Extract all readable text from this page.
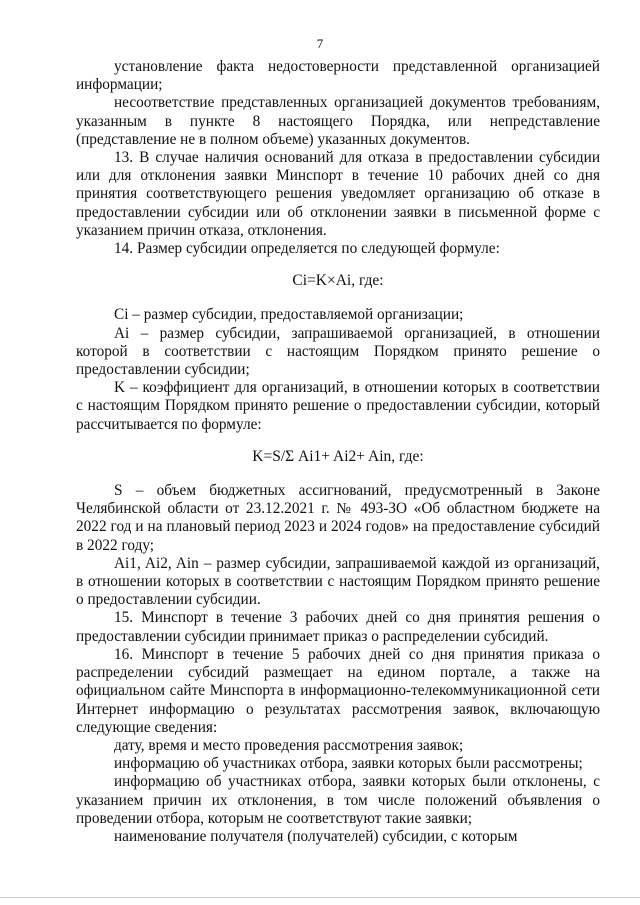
7

установление факта недостоверности представленной организацией информации;

несоответствие представленных организацией документов требованиям, указанным в пункте 8 настоящего Порядка, или непредставление (представление не в полном объеме) указанных документов.

13. В случае наличия оснований для отказа в предоставлении субсидии или для отклонения заявки Минспорт в течение 10 рабочих дней со дня принятия соответствующего решения уведомляет организацию об отказе в предоставлении субсидии или об отклонении заявки в письменной форме с указанием причин отказа, отклонения.

14. Размер субсидии определяется по следующей формуле:

Ci=K×Ai, где:

Ci – размер субсидии, предоставляемой организации;

Ai – размер субсидии, запрашиваемой организацией, в отношении которой в соответствии с настоящим Порядком принято решение о предоставлении субсидии;

K – коэффициент для организаций, в отношении которых в соответствии с настоящим Порядком принято решение о предоставлении субсидии, который рассчитывается по формуле:

K=S/Σ Ai1+ Ai2+ Ain, где:

S – объем бюджетных ассигнований, предусмотренный в Законе Челябинской области от 23.12.2021 г. № 493-ЗО «Об областном бюджете на 2022 год и на плановый период 2023 и 2024 годов» на предоставление субсидий в 2022 году;

Ai1, Ai2, Ain – размер субсидии, запрашиваемой каждой из организаций, в отношении которых в соответствии с настоящим Порядком принято решение о предоставлении субсидии.

15. Минспорт в течение 3 рабочих дней со дня принятия решения о предоставлении субсидии принимает приказ о распределении субсидий.

16. Минспорт в течение 5 рабочих дней со дня принятия приказа о распределении субсидий размещает на едином портале, а также на официальном сайте Минспорта в информационно-телекоммуникационной сети Интернет информацию о результатах рассмотрения заявок, включающую следующие сведения:

дату, время и место проведения рассмотрения заявок;

информацию об участниках отбора, заявки которых были рассмотрены;

информацию об участниках отбора, заявки которых были отклонены, с указанием причин их отклонения, в том числе положений объявления о проведении отбора, которым не соответствуют такие заявки;

наименование получателя (получателей) субсидии, с которым
